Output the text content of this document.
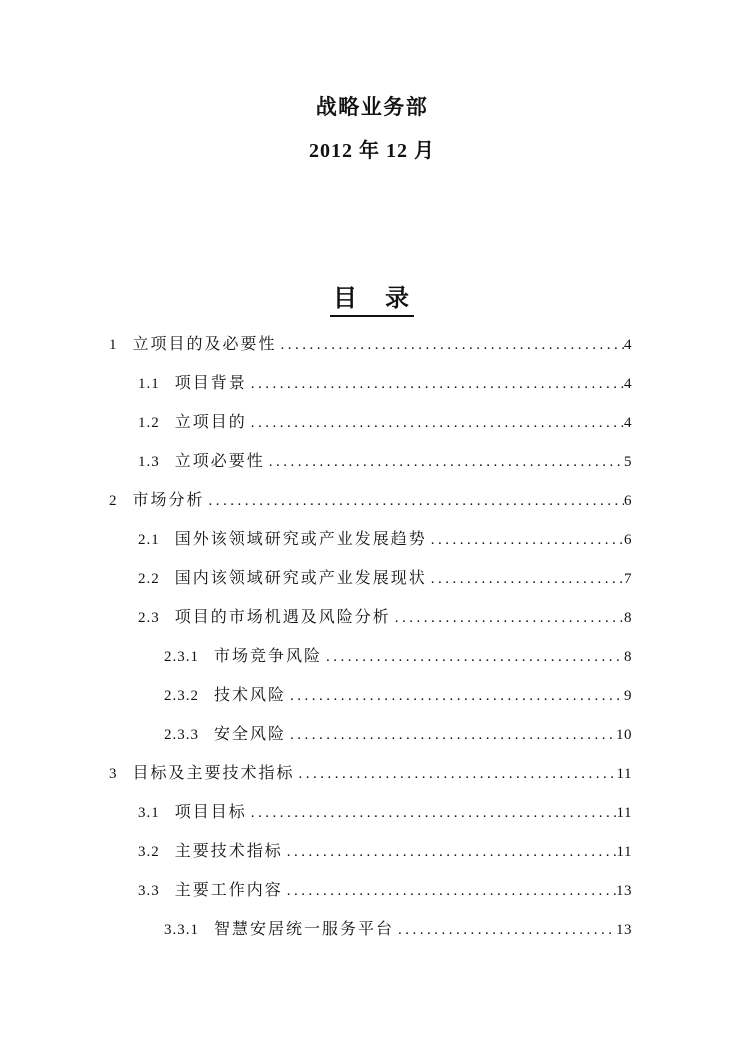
战略业务部
2012 年 12 月
目　录
1 立项目的及必要性 .....	4
1.1 项目背景 .....	4
1.2 立项目的 .....	4
1.3 立项必要性 .....	5
2 市场分析 .....	6
2.1 国外该领域研究或产业发展趋势 .....	6
2.2 国内该领域研究或产业发展现状 .....	7
2.3 项目的市场机遇及风险分析 .....	8
2.3.1 市场竞争风险 .....	8
2.3.2 技术风险 .....	9
2.3.3 安全风险 .....	10
3 目标及主要技术指标 .....	11
3.1 项目目标 .....	11
3.2 主要技术指标 .....	11
3.3 主要工作内容 .....	13
3.3.1 智慧安居统一服务平台 .....	13
